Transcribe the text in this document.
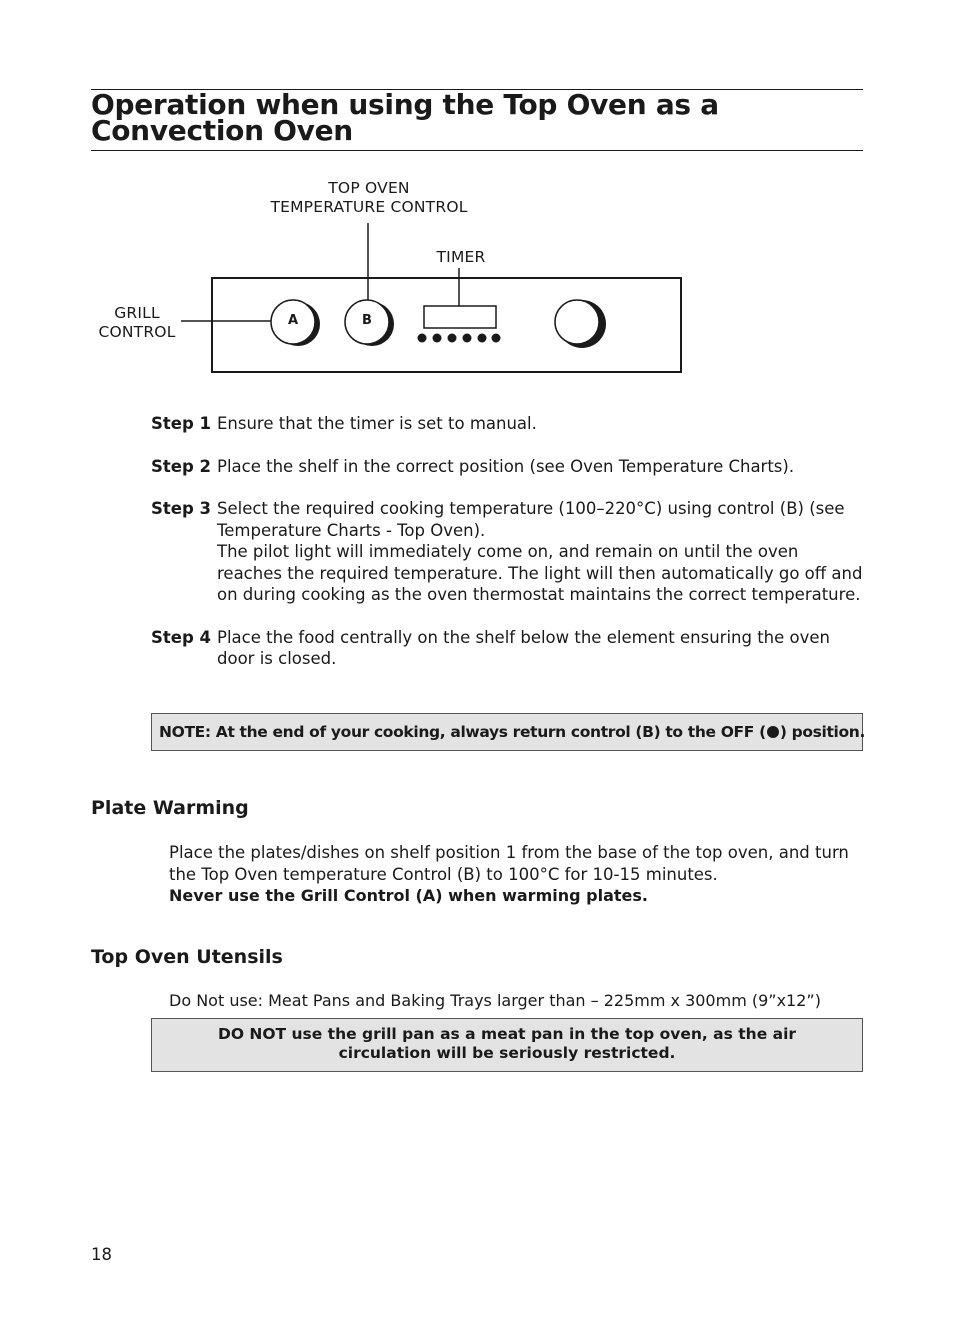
Operation when using the Top Oven as a Convection Oven
TOP OVEN
TEMPERATURE CONTROL
TIMER
GRILL
CONTROL
A	B
Step 1 Ensure that the timer is set to manual.
Step 2 Place the shelf in the correct position (see Oven Temperature Charts).
Step 3 Select the required cooking temperature (100–220°C) using control (B) (see Temperature Charts - Top Oven).
The pilot light will immediately come on, and remain on until the oven reaches the required temperature. The light will then automatically go off and on during cooking as the oven thermostat maintains the correct temperature.
Step 4 Place the food centrally on the shelf below the element ensuring the oven door is closed.
NOTE: At the end of your cooking, always return control (B) to the OFF ( ) position.
Plate Warming
Place the plates/dishes on shelf position 1 from the base of the top oven, and turn the Top Oven temperature Control (B) to 100°C for 10-15 minutes.
Never use the Grill Control (A) when warming plates.
Top Oven Utensils
Do Not use: Meat Pans and Baking Trays larger than – 225mm x 300mm (9”x12”)
DO NOT use the grill pan as a meat pan in the top oven, as the air
circulation will be seriously restricted.
18
